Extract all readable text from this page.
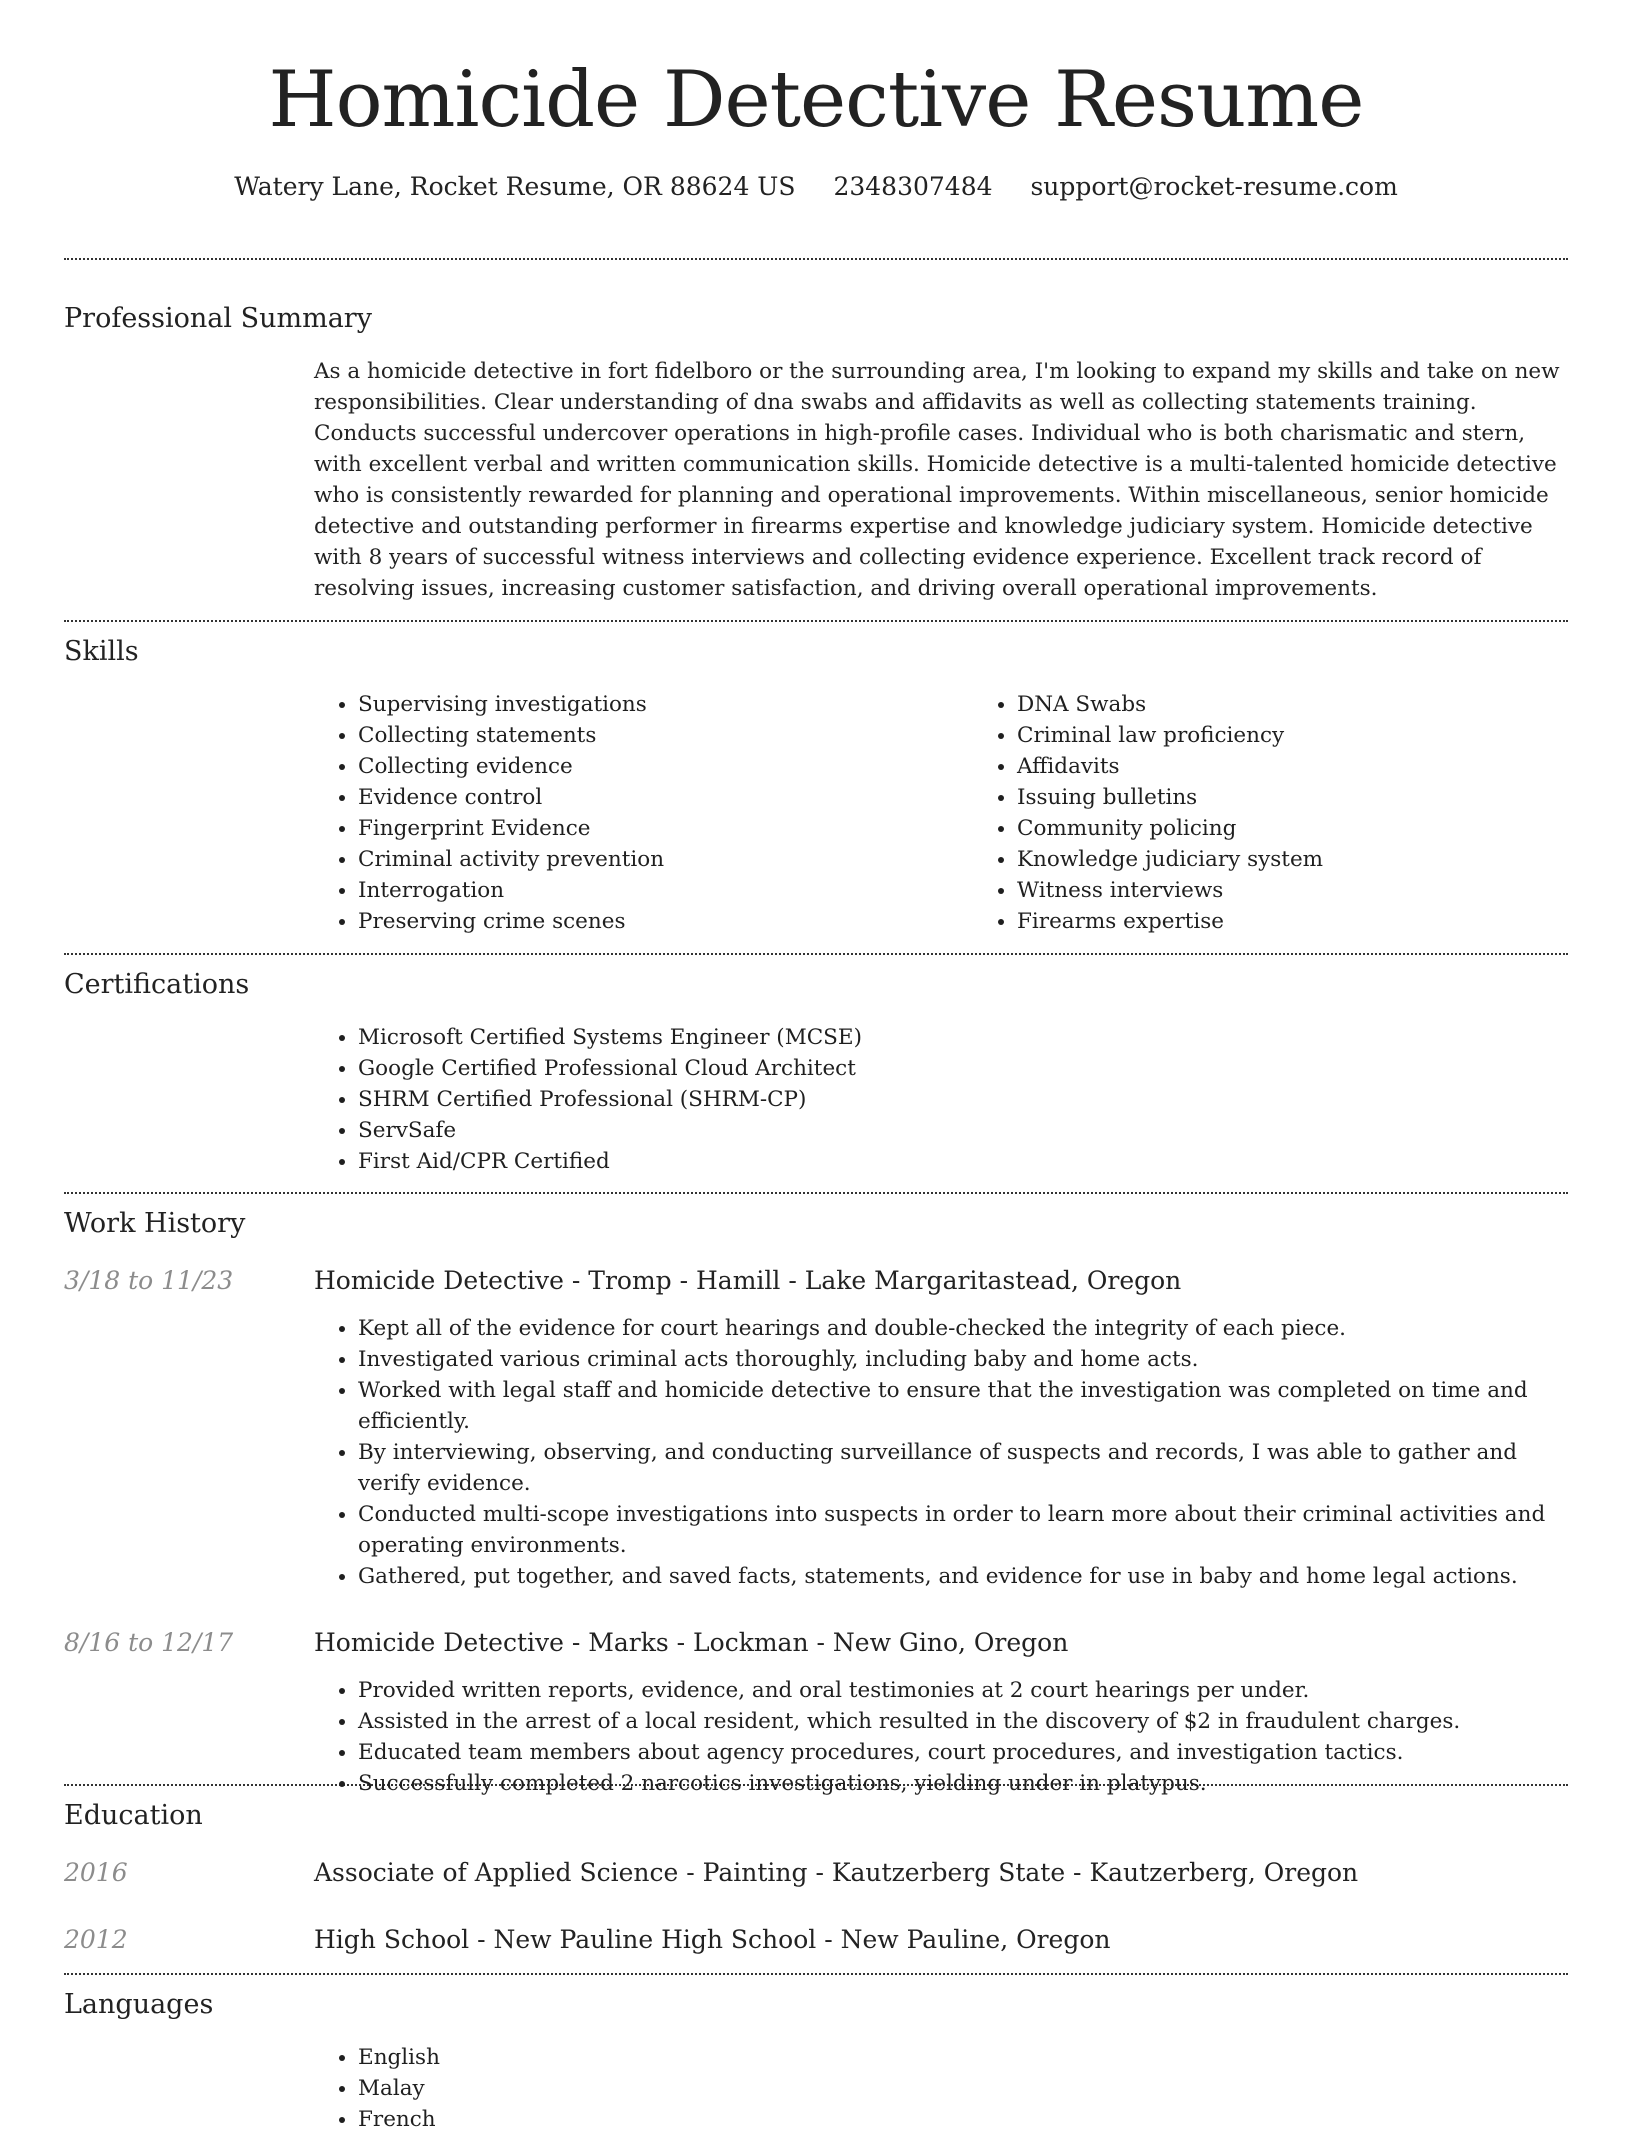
Homicide Detective Resume
Watery Lane, Rocket Resume, OR 88624 US 2348307484 support@rocket-resume.com
Professional Summary

As a homicide detective in fort fidelboro or the surrounding area, I'm looking to expand my skills and take on new responsibilities. Clear understanding of dna swabs and affidavits as well as collecting statements training. Conducts successful undercover operations in high-profile cases. Individual who is both charismatic and stern, with excellent verbal and written communication skills. Homicide detective is a multi-talented homicide detective who is consistently rewarded for planning and operational improvements. Within miscellaneous, senior homicide detective and outstanding performer in firearms expertise and knowledge judiciary system. Homicide detective with 8 years of successful witness interviews and collecting evidence experience. Excellent track record of resolving issues, increasing customer satisfaction, and driving overall operational improvements.

Skills
• Supervising investigations
• Collecting statements
• Collecting evidence
• Evidence control
• Fingerprint Evidence
• Criminal activity prevention
• Interrogation
• Preserving crime scenes
• DNA Swabs
• Criminal law proficiency
• Affidavits
• Issuing bulletins
• Community policing
• Knowledge judiciary system
• Witness interviews
• Firearms expertise
Certifications
• Microsoft Certified Systems Engineer (MCSE)
• Google Certified Professional Cloud Architect
• SHRM Certified Professional (SHRM-CP)
• ServSafe
• First Aid/CPR Certified
Work History
3/18 to 11/23	Homicide Detective - Tromp - Hamill - Lake Margaritastead, Oregon

• Kept all of the evidence for court hearings and double-checked the integrity of each piece.
• Investigated various criminal acts thoroughly, including baby and home acts.
• Worked with legal staff and homicide detective to ensure that the investigation was completed on time and efficiently.
• By interviewing, observing, and conducting surveillance of suspects and records, I was able to gather and verify evidence.
• Conducted multi-scope investigations into suspects in order to learn more about their criminal activities and operating environments.
• Gathered, put together, and saved facts, statements, and evidence for use in baby and home legal actions.
8/16 to 12/17	Homicide Detective - Marks - Lockman - New Gino, Oregon

• Provided written reports, evidence, and oral testimonies at 2 court hearings per under.
• Assisted in the arrest of a local resident, which resulted in the discovery of $2 in fraudulent charges.
• Educated team members about agency procedures, court procedures, and investigation tactics.
• Successfully completed 2 narcotics investigations, yielding under in platypus.
Education
2016	Associate of Applied Science - Painting - Kautzerberg State - Kautzerberg, Oregon

2012	High School - New Pauline High School - New Pauline, Oregon

Languages
• English
• Malay
• French
